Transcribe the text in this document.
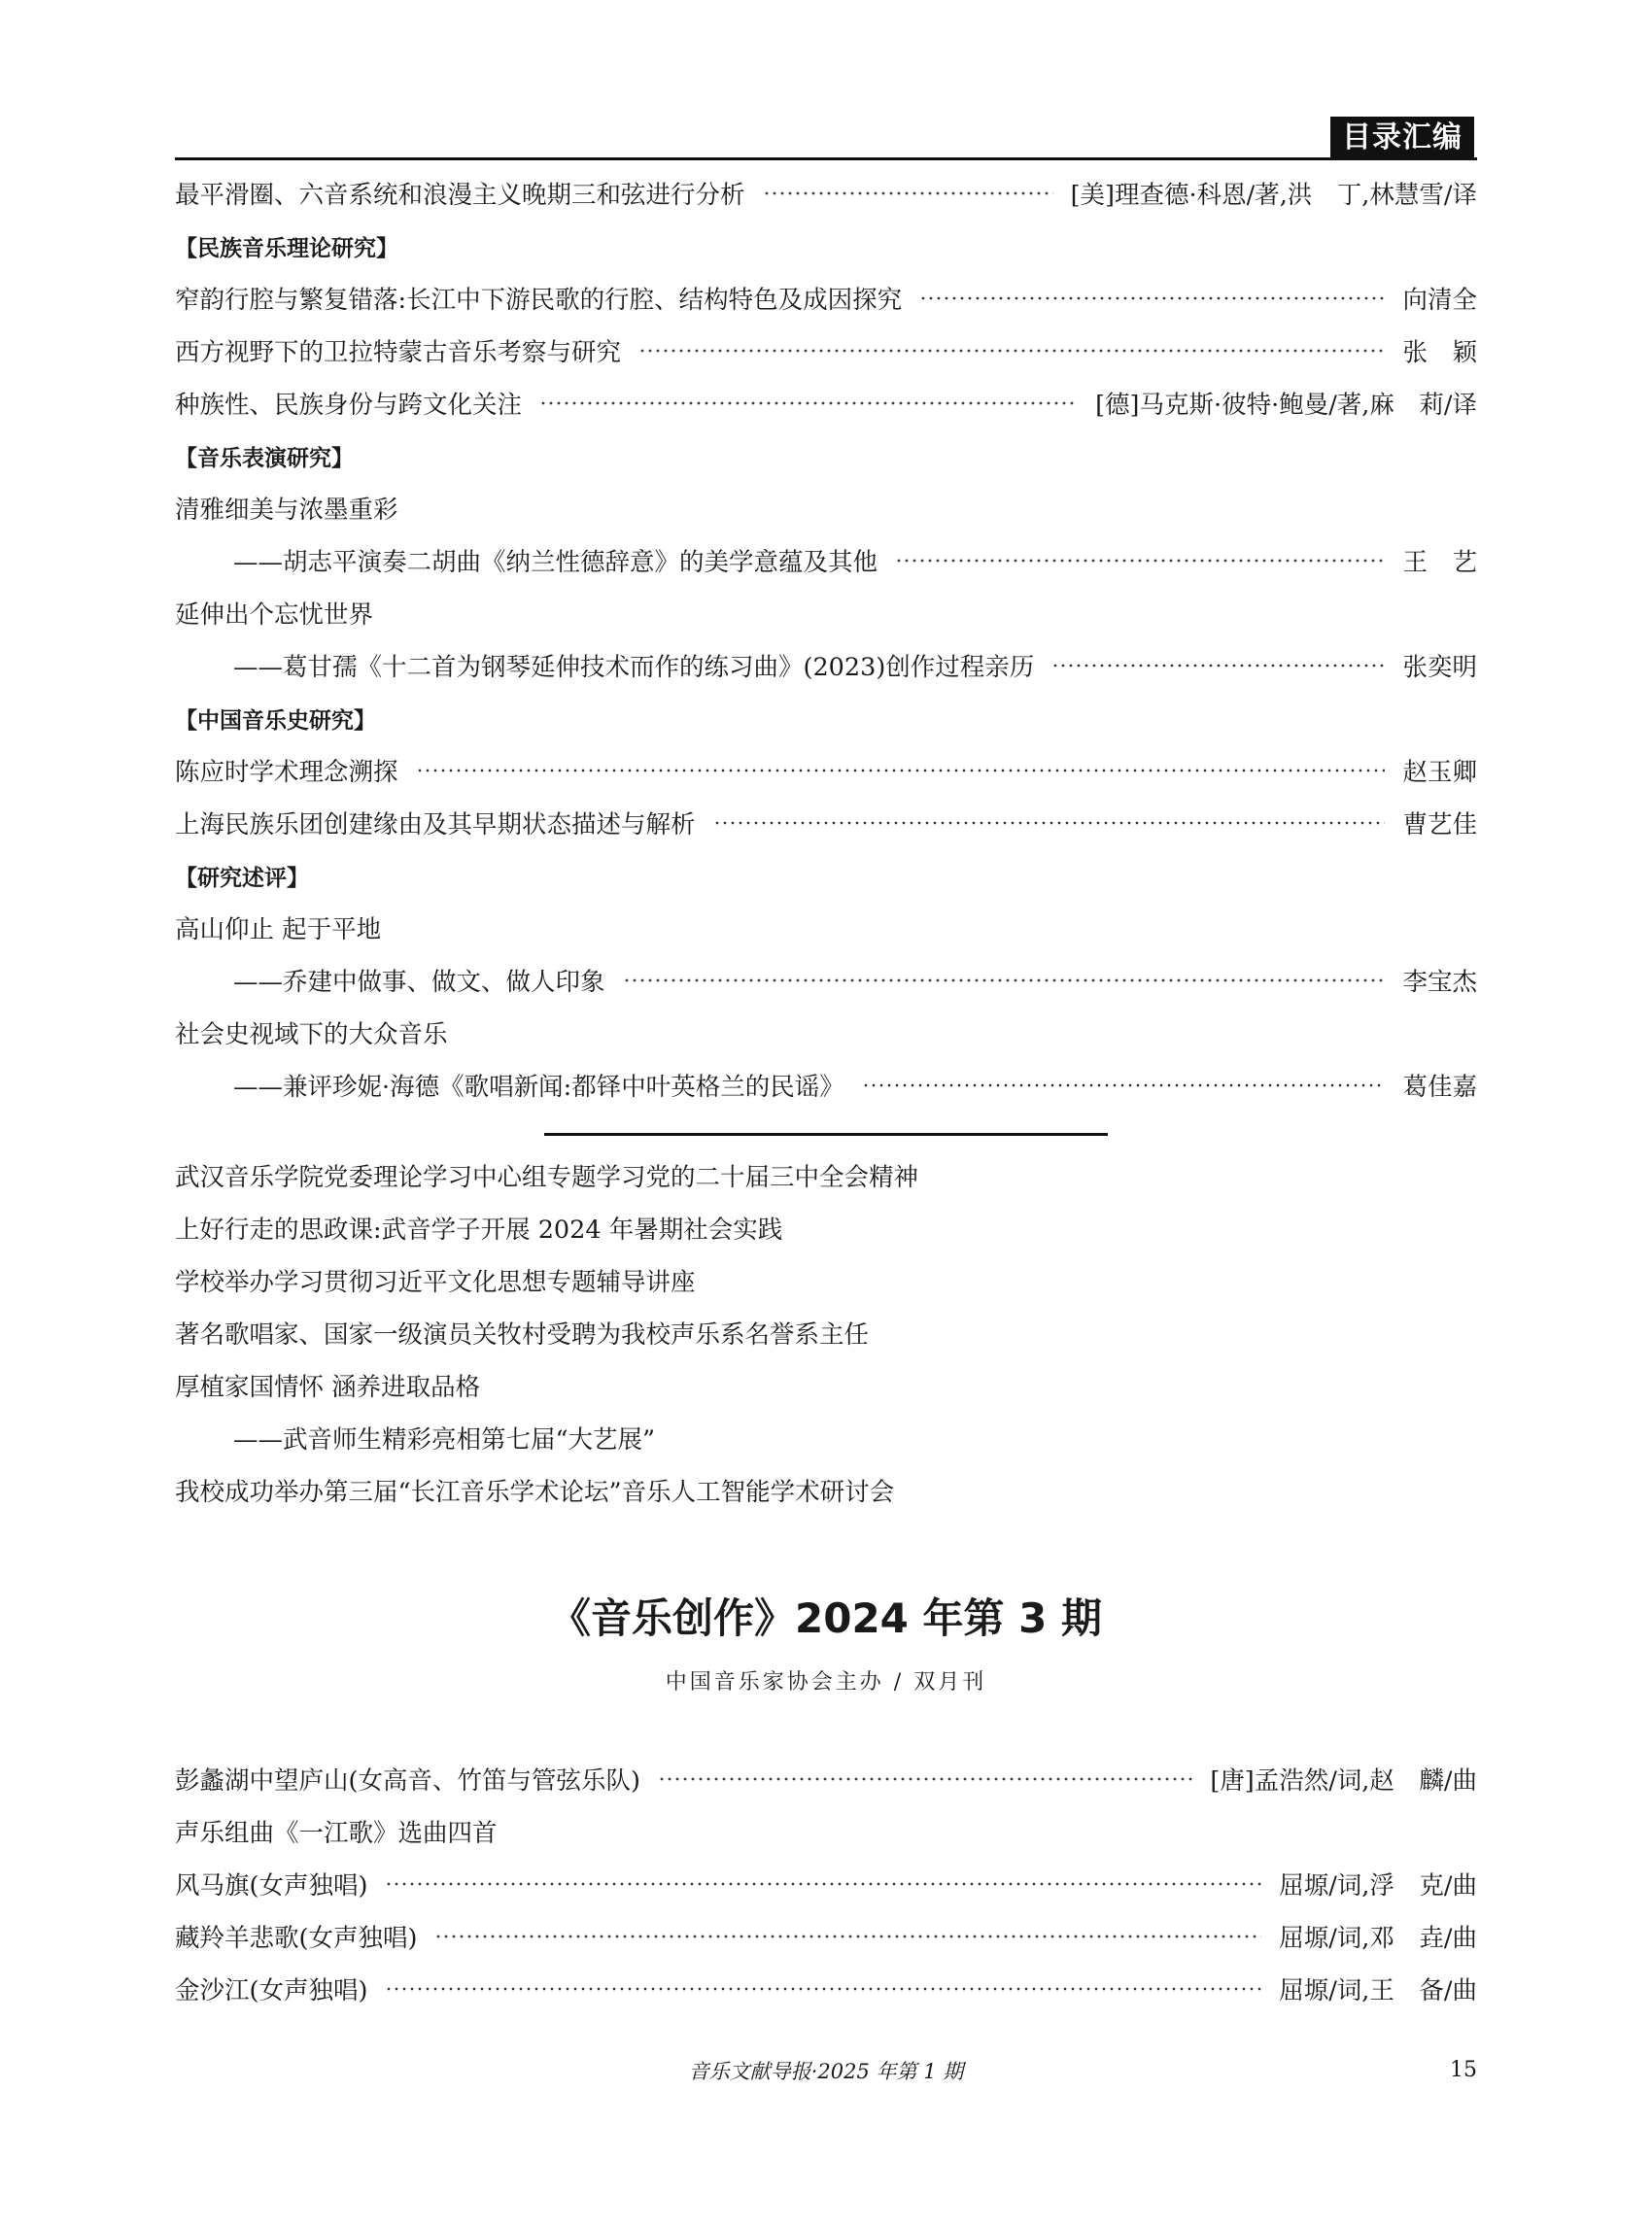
目录汇编
最平滑圈、六音系统和浪漫主义晚期三和弦进行分析	[美]理查德·科恩/著,洪　丁,林慧雪/译
【民族音乐理论研究】
窄韵行腔与繁复错落:长江中下游民歌的行腔、结构特色及成因探究	向清全
西方视野下的卫拉特蒙古音乐考察与研究	张　颖
种族性、民族身份与跨文化关注	[德]马克斯·彼特·鲍曼/著,麻　莉/译
【音乐表演研究】
清雅细美与浓墨重彩
——胡志平演奏二胡曲《纳兰性德辞意》的美学意蕴及其他	王　艺
延伸出个忘忧世界
——葛甘孺《十二首为钢琴延伸技术而作的练习曲》(2023)创作过程亲历	张奕明
【中国音乐史研究】
陈应时学术理念溯探	赵玉卿
上海民族乐团创建缘由及其早期状态描述与解析	曹艺佳
【研究述评】
高山仰止 起于平地
——乔建中做事、做文、做人印象	李宝杰
社会史视域下的大众音乐
——兼评珍妮·海德《歌唱新闻:都铎中叶英格兰的民谣》	葛佳嘉
武汉音乐学院党委理论学习中心组专题学习党的二十届三中全会精神
上好行走的思政课:武音学子开展 2024 年暑期社会实践
学校举办学习贯彻习近平文化思想专题辅导讲座
著名歌唱家、国家一级演员关牧村受聘为我校声乐系名誉系主任
厚植家国情怀 涵养进取品格
——武音师生精彩亮相第七届“大艺展”
我校成功举办第三届“长江音乐学术论坛”音乐人工智能学术研讨会
《音乐创作》2024 年第 3 期
中国音乐家协会主办 / 双月刊
彭蠡湖中望庐山(女高音、竹笛与管弦乐队)	[唐]孟浩然/词,赵　麟/曲
声乐组曲《一江歌》选曲四首
风马旗(女声独唱)	屈塬/词,浮　克/曲
藏羚羊悲歌(女声独唱)	屈塬/词,邓　垚/曲
金沙江(女声独唱)	屈塬/词,王　备/曲
音乐文献导报·2025 年第 1 期	15
